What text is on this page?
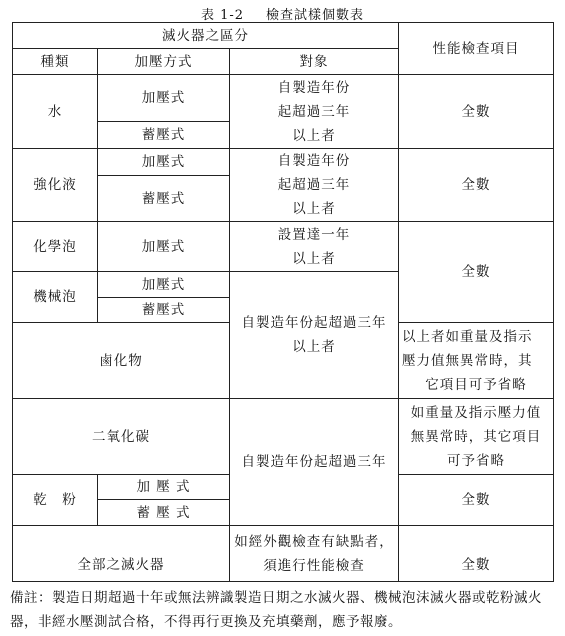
表 1-2 檢查試樣個數表
滅火器之區分			性能檢查項目
種類	加壓方式	對象	
水	加壓式	自製造年份
起超過三年
以上者	全數
	蓄壓式		
強化液	加壓式	自製造年份
起超過三年
以上者	全數
	蓄壓式		
化學泡	加壓式	設置達一年
以上者	全數
機械泡	加壓式	自製造年份起超過三年
以上者	

	蓄壓式		
鹵化物			以上者如重量及指示
壓力值無異常時，其
它項目可予省略

二氧化碳		自製造年份起超過三年	如重量及指示壓力值
無異常時，其它項目
可予省略

乾　粉	加 壓 式		全數
	蓄 壓 式		
全部之滅火器		如經外觀檢查有缺點者，
須進行性能檢查	全數
備註：製造日期超過十年或無法辨識製造日期之水滅火器、機械泡沫滅火器或乾粉滅火器，非經水壓測試合格，不得再行更換及充填藥劑，應予報廢。
